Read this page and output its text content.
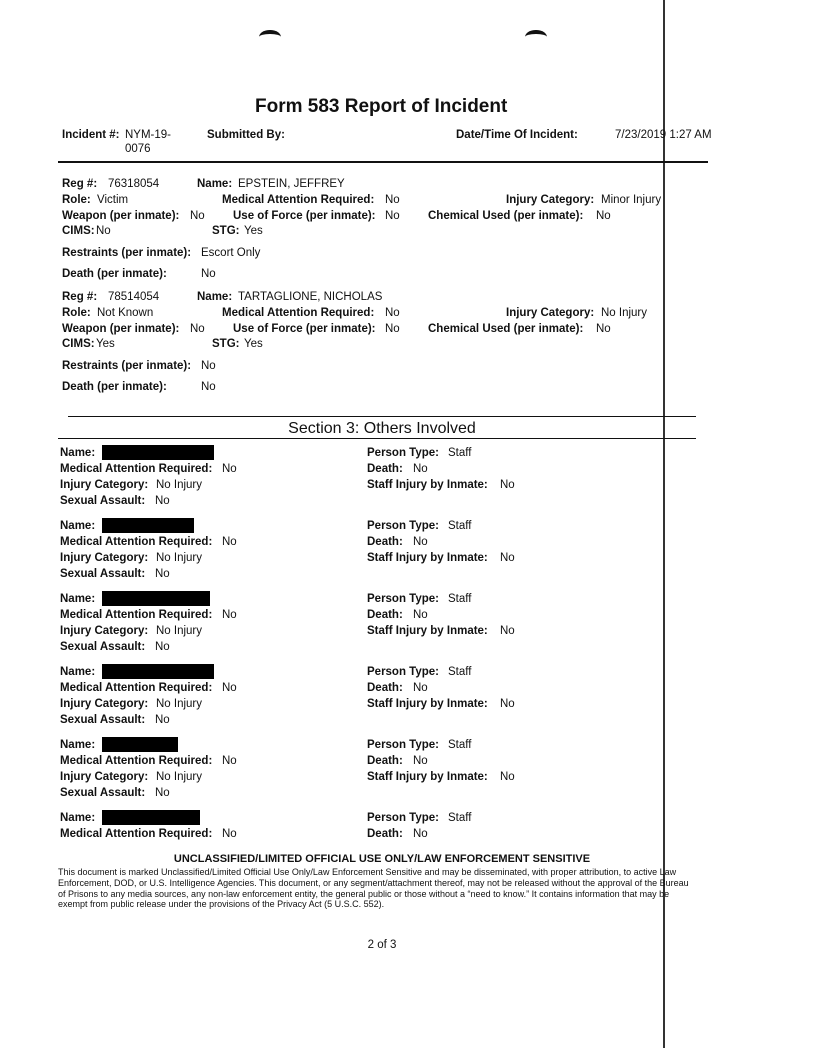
Form 583 Report of Incident
Incident #: NYM-19-
0076
Submitted By:	Date/Time Of Incident:	7/23/2019 1:27 AM
Reg #: 76318054	Name: EPSTEIN, JEFFREY
Role: Victim	Medical Attention Required: No	Injury Category: Minor Injury
Weapon (per inmate): No Use of Force (per inmate): No Chemical Used (per inmate): No
CIMS: No	STG: Yes
Restraints (per inmate): Escort Only
Death (per inmate):	No
Reg #: 78514054	Name: TARTAGLIONE, NICHOLAS
Role: Not Known	Medical Attention Required: No	Injury Category: No Injury
Weapon (per inmate): No Use of Force (per inmate): No Chemical Used (per inmate): No
CIMS: Yes	STG: Yes
Restraints (per inmate): No
Death (per inmate):	No
Section 3: Others Involved
Name:	Person Type: Staff
Medical Attention Required: No	Death: No
Injury Category: No Injury	Staff Injury by Inmate: No
Sexual Assault: No
Name:	Person Type: Staff
Medical Attention Required: No	Death: No
Injury Category: No Injury	Staff Injury by Inmate: No
Sexual Assault: No
Name:	Person Type: Staff
Medical Attention Required: No	Death: No
Injury Category: No Injury	Staff Injury by Inmate: No
Sexual Assault: No
Name:	Person Type: Staff
Medical Attention Required: No	Death: No
Injury Category: No Injury	Staff Injury by Inmate: No
Sexual Assault: No
Name:	Person Type: Staff
Medical Attention Required: No	Death: No
Injury Category: No Injury	Staff Injury by Inmate: No
Sexual Assault: No
Name:	Person Type: Staff
Medical Attention Required: No	Death: No
UNCLASSIFIED/LIMITED OFFICIAL USE ONLY/LAW ENFORCEMENT SENSITIVE
This document is marked Unclassified/Limited Official Use Only/Law Enforcement Sensitive and may be disseminated, with proper attribution, to active Law Enforcement, DOD, or U.S. Intelligence Agencies. This document, or any segment/attachment thereof, may not be released without the approval of the Bureau of Prisons to any media sources, any non-law enforcement entity, the general public or those without a “need to know.” It contains information that may be exempt from public release under the provisions of the Privacy Act (5 U.S.C. 552).
2 of 3
